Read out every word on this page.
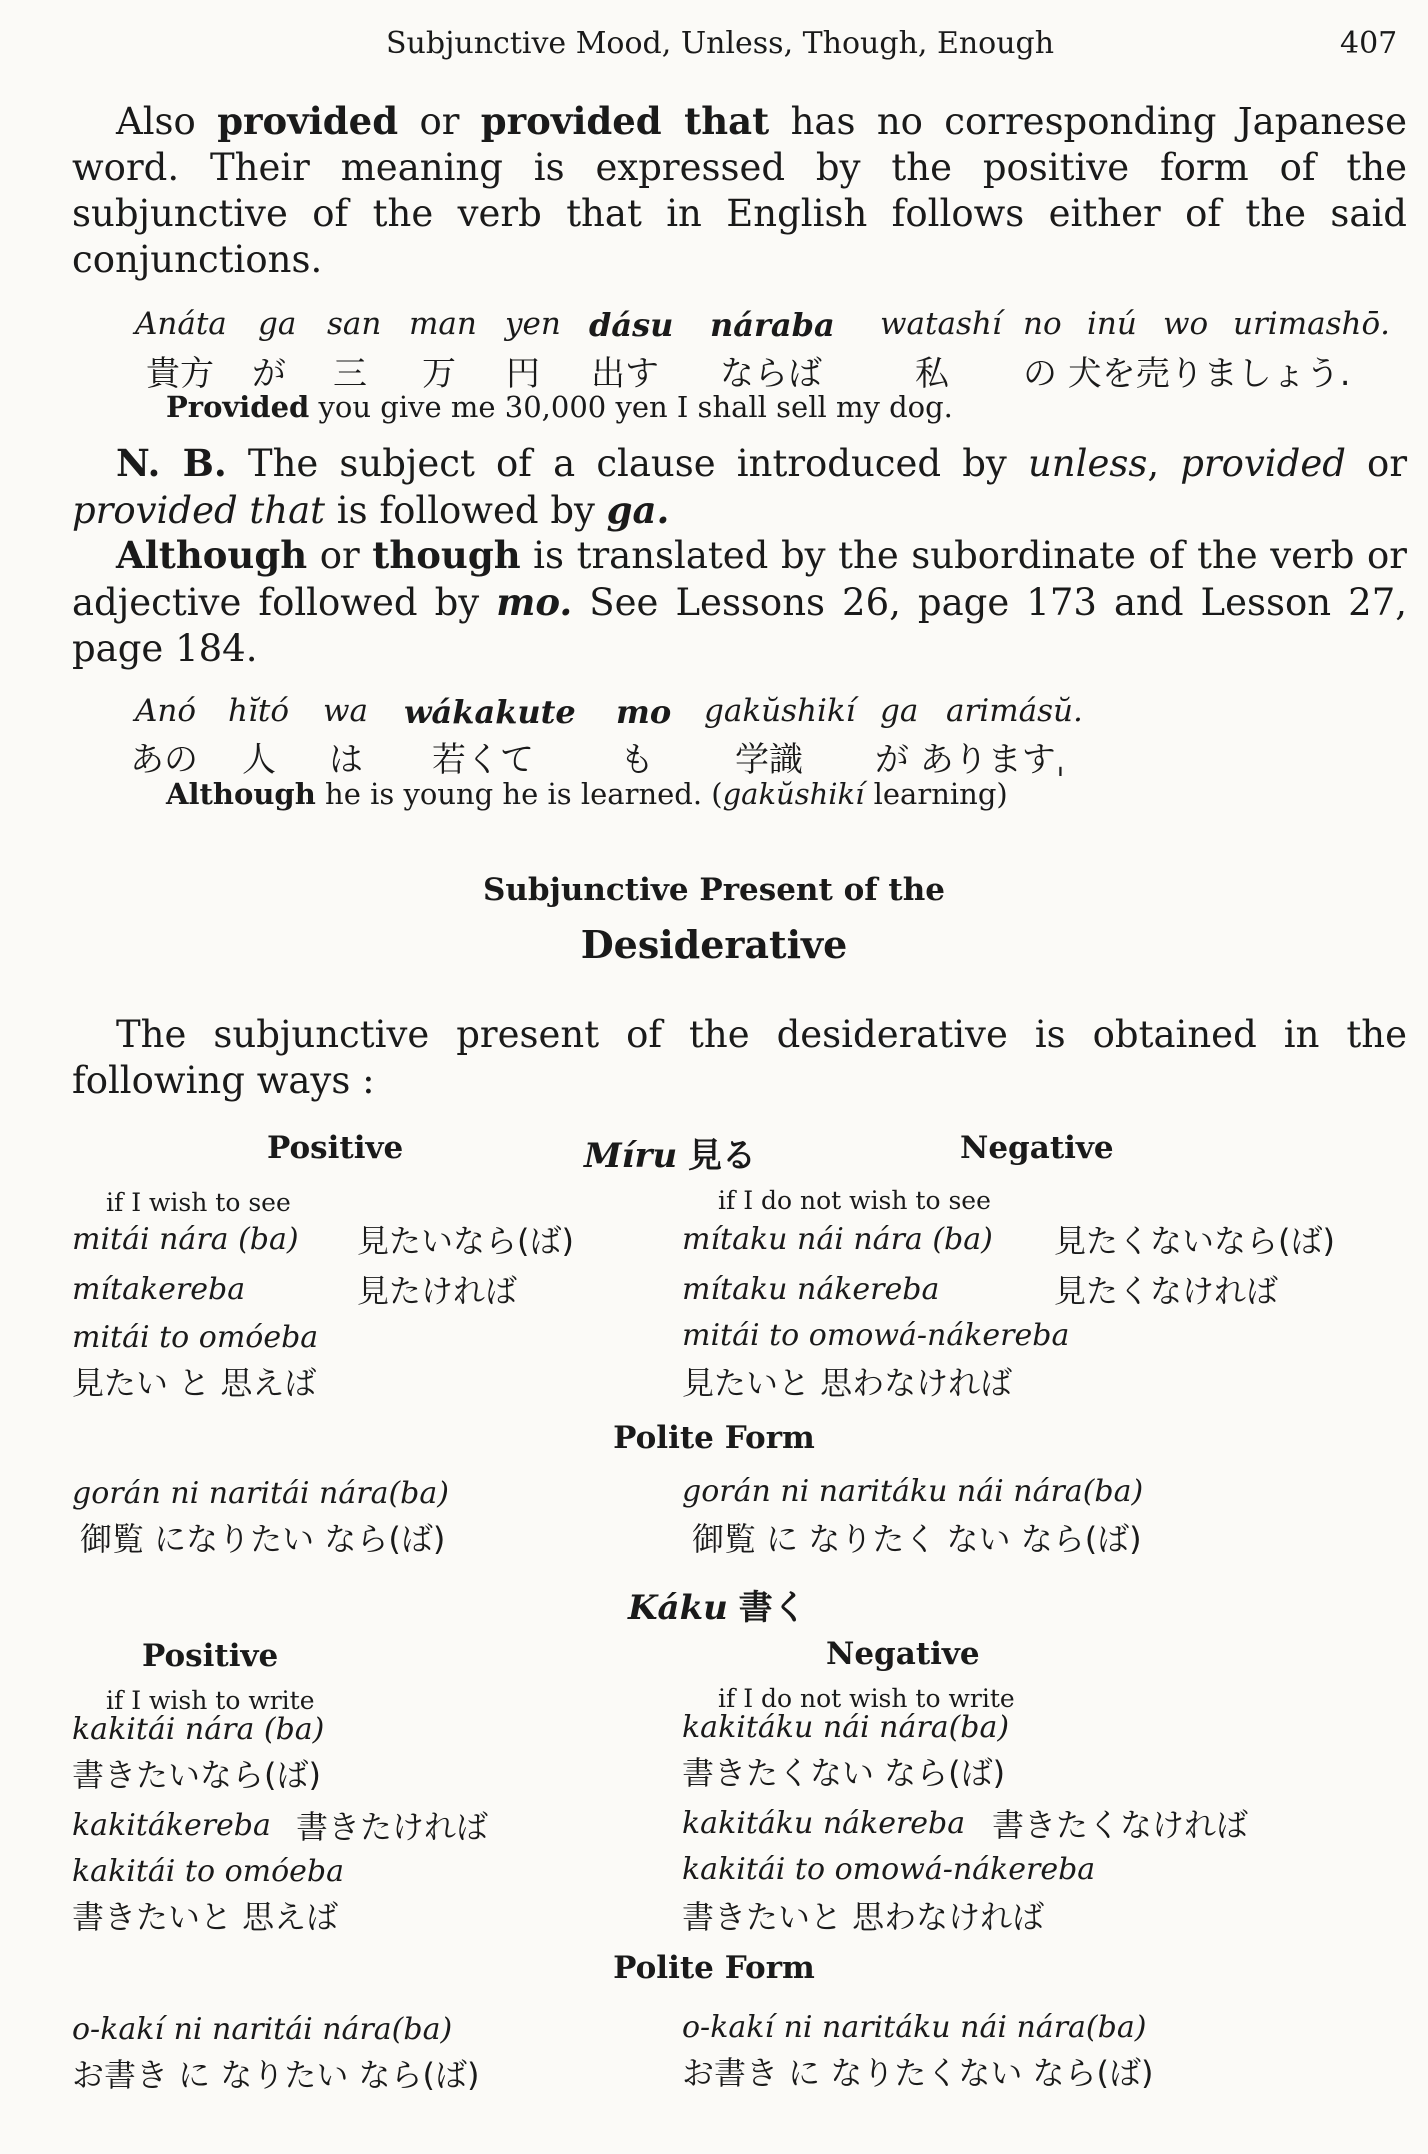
Subjunctive Mood, Unless, Though, Enough	407
Also provided or provided that has no corresponding Japanese word. Their meaning is expressed by the positive form of the subjunctive of the verb that in English follows either of the said conjunctions.
Anáta ga san man yen dásu náraba watashí no inú wo urimashō.
貴方 が 三 万 円 出す ならば	私 の 犬を売りましょう.
Provided you give me 30,000 yen I shall sell my dog.
N. B. The subject of a clause introduced by unless, provided or provided that is followed by ga.
Although or though is translated by the subordinate of the verb or adjective followed by mo. See Lessons 26, page 173 and Lesson 27, page 184.
Anó hĭtó wa wákakute mo gakŭshikí ga arimásŭ.
あの 人 は 若くて	も 学識 が ありますˌ
Although he is young he is learned. (gakŭshikí learning)
Subjunctive Present of the
Desiderative
The subjunctive present of the desiderative is obtained in the following ways :
Positive	Míru 見る	Negative
if I wish to see	if I do not wish to see
mitái nára (ba) 見たいなら(ば)	mítaku nái nára (ba) 見たくないなら(ば)
mítakereba	見たければ	mítaku nákereba	見たくなければ
mitái to omóeba	mitái to omowá-nákereba
見たい と 思えば	見たいと 思わなければ
Polite Form
gorán ni naritái nára(ba)	gorán ni naritáku nái nára(ba)
御覧 になりたい なら(ば)	御覧 に なりたく ない なら(ば)
Káku 書く
Positive	Negative
if I wish to write	if I do not wish to write
kakitái nára (ba)	kakitáku nái nára(ba)
書きたいなら(ば)	書きたくない なら(ば)
kakitákereba 書きたければ	kakitáku nákereba 書きたくなければ
kakitái to omóeba	kakitái to omowá-nákereba
書きたいと 思えば	書きたいと 思わなければ
Polite Form
o-kakí ni naritái nára(ba)	o-kakí ni naritáku nái nára(ba)
お書き に なりたい なら(ば)	お書き に なりたくない なら(ば)
